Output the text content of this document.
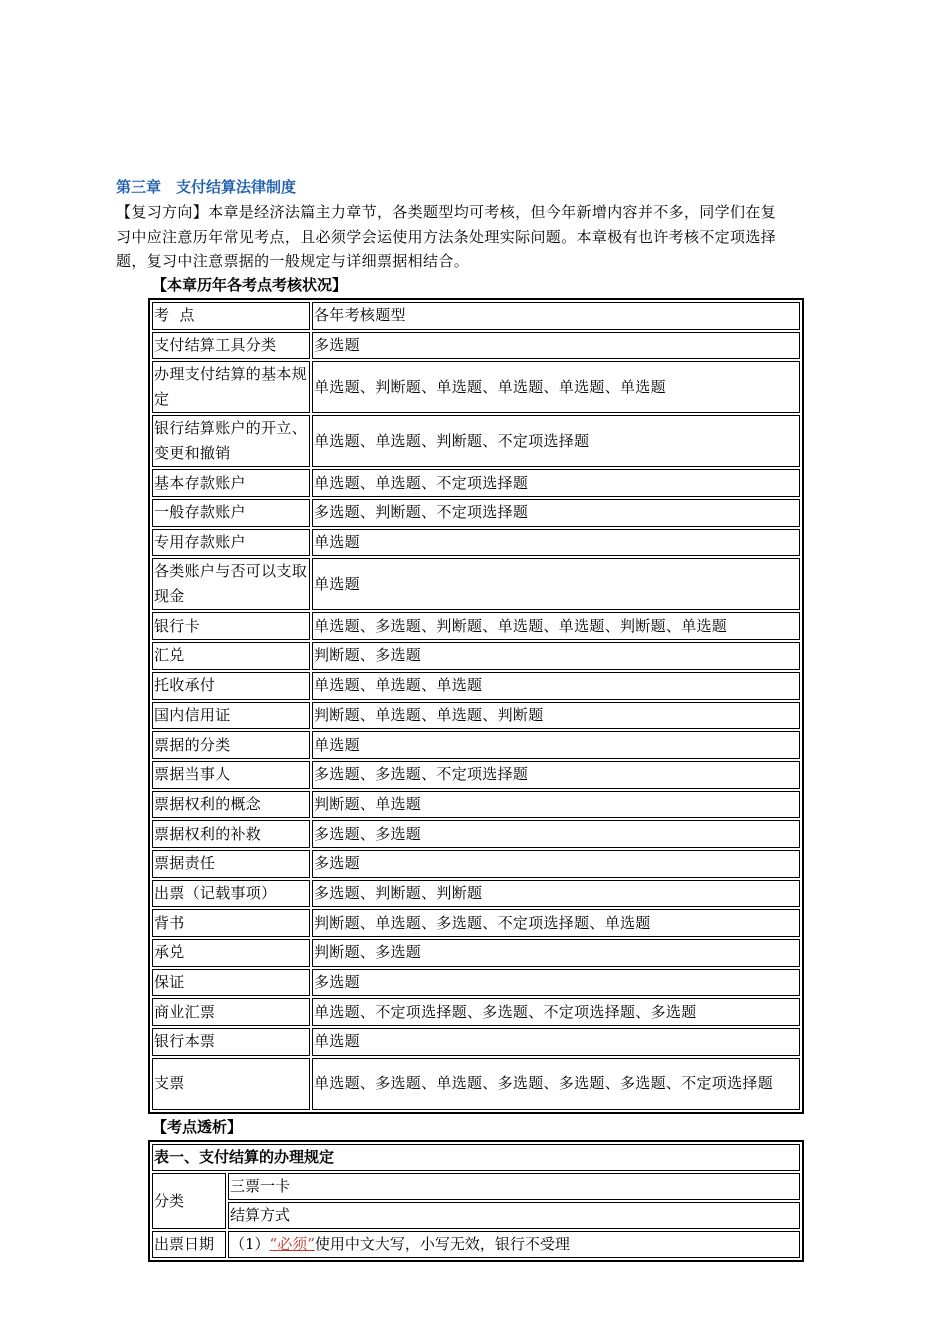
第三章　支付结算法律制度
【复习方向】本章是经济法篇主力章节，各类题型均可考核，但今年新增内容并不多，同学们在复
习中应注意历年常见考点，且必须学会运使用方法条处理实际问题。本章极有也许考核不定项选择
题，复习中注意票据的一般规定与详细票据相结合。
【本章历年各考点考核状况】
考  点	各年考核题型
支付结算工具分类	多选题
办理支付结算的基本规定	单选题、判断题、单选题、单选题、单选题、单选题
银行结算账户的开立、变更和撤销	单选题、单选题、判断题、不定项选择题
基本存款账户	单选题、单选题、不定项选择题
一般存款账户	多选题、判断题、不定项选择题
专用存款账户	单选题
各类账户与否可以支取现金	单选题
银行卡	单选题、多选题、判断题、单选题、单选题、判断题、单选题
汇兑	判断题、多选题
托收承付	单选题、单选题、单选题
国内信用证	判断题、单选题、单选题、判断题
票据的分类	单选题
票据当事人	多选题、多选题、不定项选择题
票据权利的概念	判断题、单选题
票据权利的补救	多选题、多选题
票据责任	多选题
出票（记载事项）	多选题、判断题、判断题
背书	判断题、单选题、多选题、不定项选择题、单选题
承兑	判断题、多选题
保证	多选题
商业汇票	单选题、不定项选择题、多选题、不定项选择题、多选题
银行本票	单选题
支票	单选题、多选题、单选题、多选题、多选题、多选题、不定项选择题
【考点透析】
表一、支付结算的办理规定	
分类	三票一卡
	结算方式
出票日期	（1）“必须”使用中文大写，小写无效，银行不受理
